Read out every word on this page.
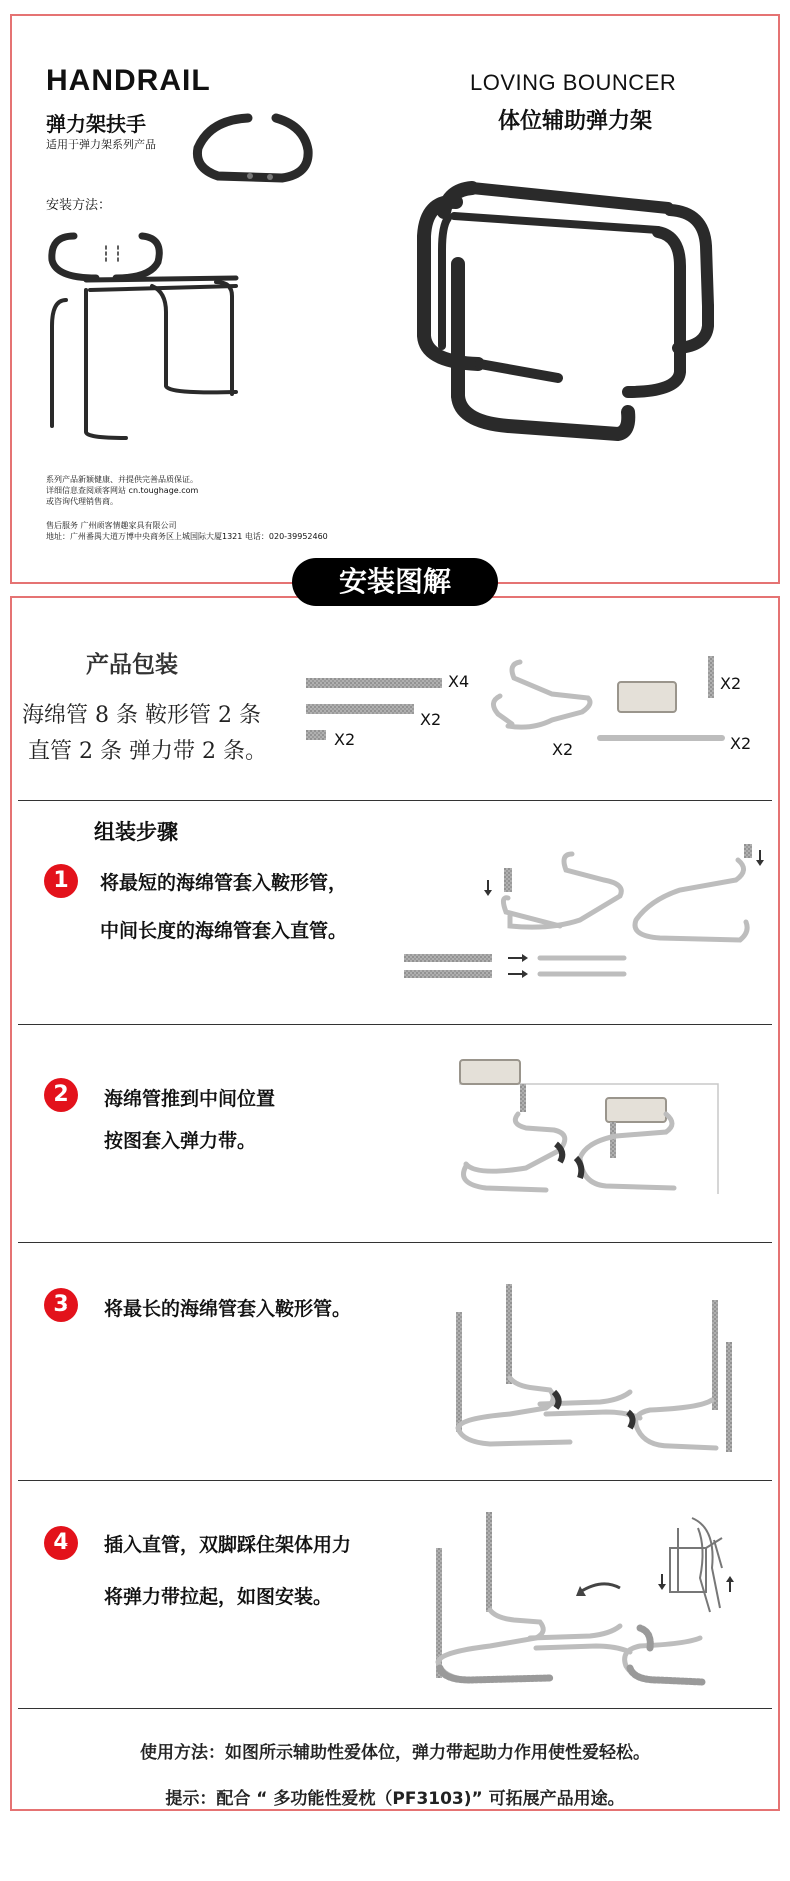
HANDRAIL
弹力架扶手
适用于弹力架系列产品
安装方法：
LOVING BOUNCER
体位辅助弹力架
系列产品新颖健康、并提供完善品质保证。
详细信息查阅顽客网站 cn.toughage.com
或咨询代理销售商。
售后服务 广州顽客情趣家具有限公司
地址：广州番禺大道万博中央商务区上城国际大厦1321 电话：020-39952460
安装图解
产品包装
海绵管 8 条 鞍形管 2 条
直管 2 条 弹力带 2 条。
X4
X2
X2
X2
X2
X2
组装步骤
1
、 将最短的海绵管套入鞍形管，
中间长度的海绵管套入直管。
2
、 海绵管推到中间位置
按图套入弹力带。
3
、 将最长的海绵管套入鞍形管。
4
、 插入直管，双脚踩住架体用力
将弹力带拉起，如图安装。
使用方法：如图所示辅助性爱体位，弹力带起助力作用使性爱轻松。
提示：配合 “ 多功能性爱枕（PF3103)” 可拓展产品用途。
